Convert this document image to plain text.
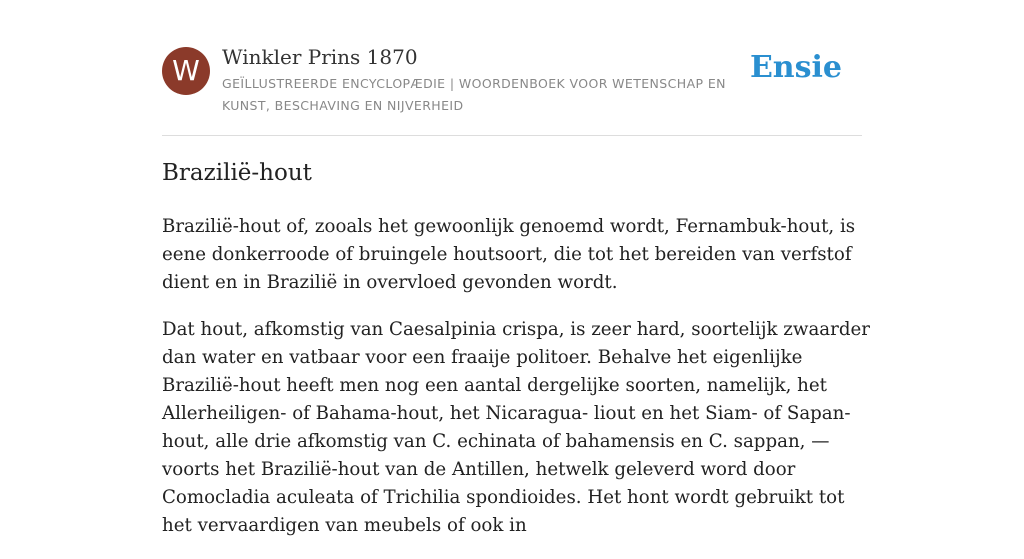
W	Winkler Prins 1870
GEÏLLUSTREERDE ENCYCLOPÆDIE | WOORDENBOEK VOOR WETENSCHAP EN KUNST, BESCHAVING EN NIJVERHEID
Ensie
Brazilië-hout

Brazilië-hout of, zooals het gewoonlijk genoemd wordt, Fernambuk-hout, is eene donkerroode of bruingele houtsoort, die tot het bereiden van verfstof dient en in Brazilië in overvloed gevonden wordt.

Dat hout, afkomstig van Caesalpinia crispa, is zeer hard, soortelijk zwaarder dan water en vatbaar voor een fraaije politoer. Behalve het eigenlijke Brazilië-hout heeft men nog een aantal dergelijke soorten, namelijk, het Allerheiligen- of Bahama-hout, het Nicaragua- liout en het Siam- of Sapan-hout, alle drie afkomstig van C. echinata of bahamensis en C. sappan, — voorts het Brazilië-hout van de Antillen, hetwelk geleverd word door Comocladia aculeata of Trichilia spondioides. Het hont wordt gebruikt tot het vervaardigen van meubels of ook in
